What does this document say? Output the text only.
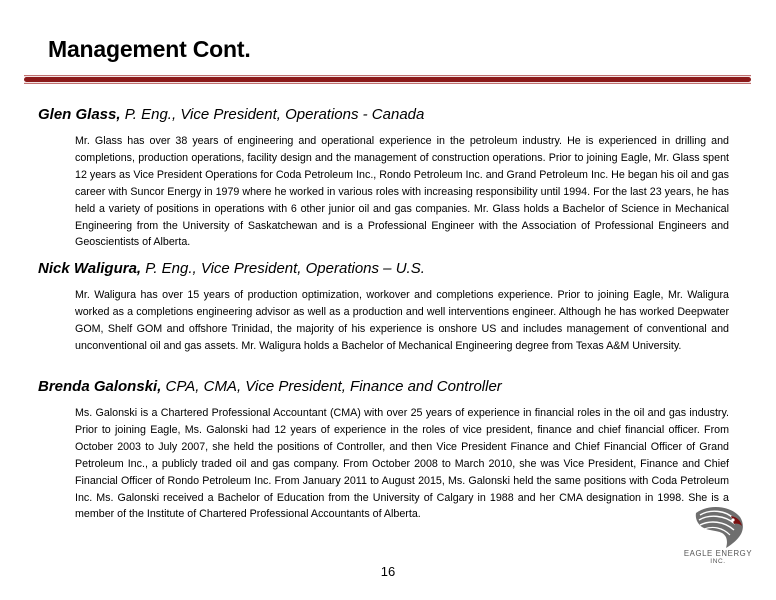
Management Cont.
Glen Glass, P. Eng., Vice President, Operations - Canada
Mr. Glass has over 38 years of engineering and operational experience in the petroleum industry. He is experienced in drilling and completions, production operations, facility design and the management of construction operations. Prior to joining Eagle, Mr. Glass spent 12 years as Vice President Operations for Coda Petroleum Inc., Rondo Petroleum Inc. and Grand Petroleum Inc. He began his oil and gas career with Suncor Energy in 1979 where he worked in various roles with increasing responsibility until 1994. For the last 23 years, he has held a variety of positions in operations with 6 other junior oil and gas companies. Mr. Glass holds a Bachelor of Science in Mechanical Engineering from the University of Saskatchewan and is a Professional Engineer with the Association of Professional Engineers and Geoscientists of Alberta.
Nick Waligura, P. Eng., Vice President, Operations – U.S.
Mr. Waligura has over 15 years of production optimization, workover and completions experience. Prior to joining Eagle, Mr. Waligura worked as a completions engineering advisor as well as a production and well interventions engineer. Although he has worked Deepwater GOM, Shelf GOM and offshore Trinidad, the majority of his experience is onshore US and includes management of conventional and unconventional oil and gas assets. Mr. Waligura holds a Bachelor of Mechanical Engineering degree from Texas A&M University.
Brenda Galonski, CPA, CMA, Vice President, Finance and Controller
Ms. Galonski is a Chartered Professional Accountant (CMA) with over 25 years of experience in financial roles in the oil and gas industry. Prior to joining Eagle, Ms. Galonski had 12 years of experience in the roles of vice president, finance and chief financial officer. From October 2003 to July 2007, she held the positions of Controller, and then Vice President Finance and Chief Financial Officer of Grand Petroleum Inc., a publicly traded oil and gas company. From October 2008 to March 2010, she was Vice President, Finance and Chief Financial Officer of Rondo Petroleum Inc. From January 2011 to August 2015, Ms. Galonski held the same positions with Coda Petroleum Inc. Ms. Galonski received a Bachelor of Education from the University of Calgary in 1988 and her CMA designation in 1998. She is a member of the Institute of Chartered Professional Accountants of Alberta.
16
EAGLE ENERGY
INC.
